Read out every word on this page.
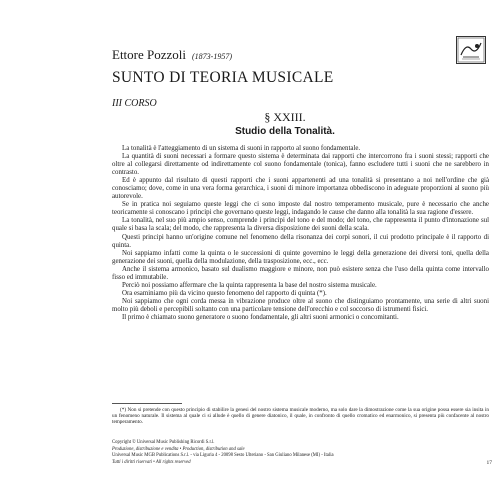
Ettore Pozzoli (1873-1957)
SUNTO DI TEORIA MUSICALE
III CORSO
§ XXIII.
Studio della Tonalità.

La tonalità è l'atteggiamento di un sistema di suoni in rapporto al suono fondamentale.

La quantità di suoni necessari a formare questo sistema è determinata dai rapporti che intercorrono fra i suoni stessi; rapporti che oltre al collegarsi direttamente od indirettamente col suono fondamentale (tonica), fanno escludere tutti i suoni che ne sarebbero in contrasto.

Ed è appunto dal risultato di questi rapporti che i suoni appartenenti ad una tonalità si presentano a noi nell'ordine che già conosciamo; dove, come in una vera forma gerarchica, i suoni di minore importanza obbediscono in adeguate proporzioni al suono più autorevole.

Se in pratica noi seguiamo queste leggi che ci sono imposte dal nostro temperamento musicale, pure è necessario che anche teoricamente si conoscano i principi che governano queste leggi, indagando le cause che danno alla tonalità la sua ragione d'essere.

La tonalità, nel suo più ampio senso, comprende i principi del tono e del modo; del tono, che rappresenta il punto d'intonazione sul quale si basa la scala; del modo, che rappresenta la diversa disposizione dei suoni della scala.

Questi principi hanno un'origine comune nel fenomeno della risonanza dei corpi sonori, il cui prodotto principale è il rapporto di quinta.

Noi sappiamo infatti come la quinta o le successioni di quinte governino le leggi della generazione dei diversi toni, quella della generazione dei suoni, quella della modulazione, della trasposizione, ecc., ecc.

Anche il sistema armonico, basato sul dualismo maggiore e minore, non può esistere senza che l'uso della quinta come intervallo fisso ed immutabile.

Perciò noi possiamo affermare che la quinta rappresenta la base del nostro sistema musicale.

Ora esaminiamo più da vicino questo fenomeno del rapporto di quinta (*).

Noi sappiamo che ogni corda messa in vibrazione produce oltre al suono che distinguiamo prontamente, una serie di altri suoni molto più deboli e percepibili soltanto con una particolare tensione dell'orecchio e col soccorso di istrumenti fisici.

Il primo è chiamato suono generatore o suono fondamentale, gli altri suoni armonici o concomitanti.

(*) Non si pretende con questo principio di stabilire la genesi del nostro sistema musicale moderno, ma solo dare la dimostrazione come la sua origine possa essere sia insita in un fenomeno naturale. Il sistema al quale ci si allude è quello di genere diatonico, il quale, in confronto di quello cromatico ed enarmonico, si presenta più confacente al nostro temperamento.

Copyright © Universal Music Publishing Ricordi S.r.l.
Produzione, distribuzione e vendita • Production, distribution and sale
Universal Music MGB Publications S.r.l. - via Liguria 4 - 20098 Sesto Ulteriano - San Giuliano Milanese (MI) - Italia
Tutti i diritti riservati • All rights reserved	17
